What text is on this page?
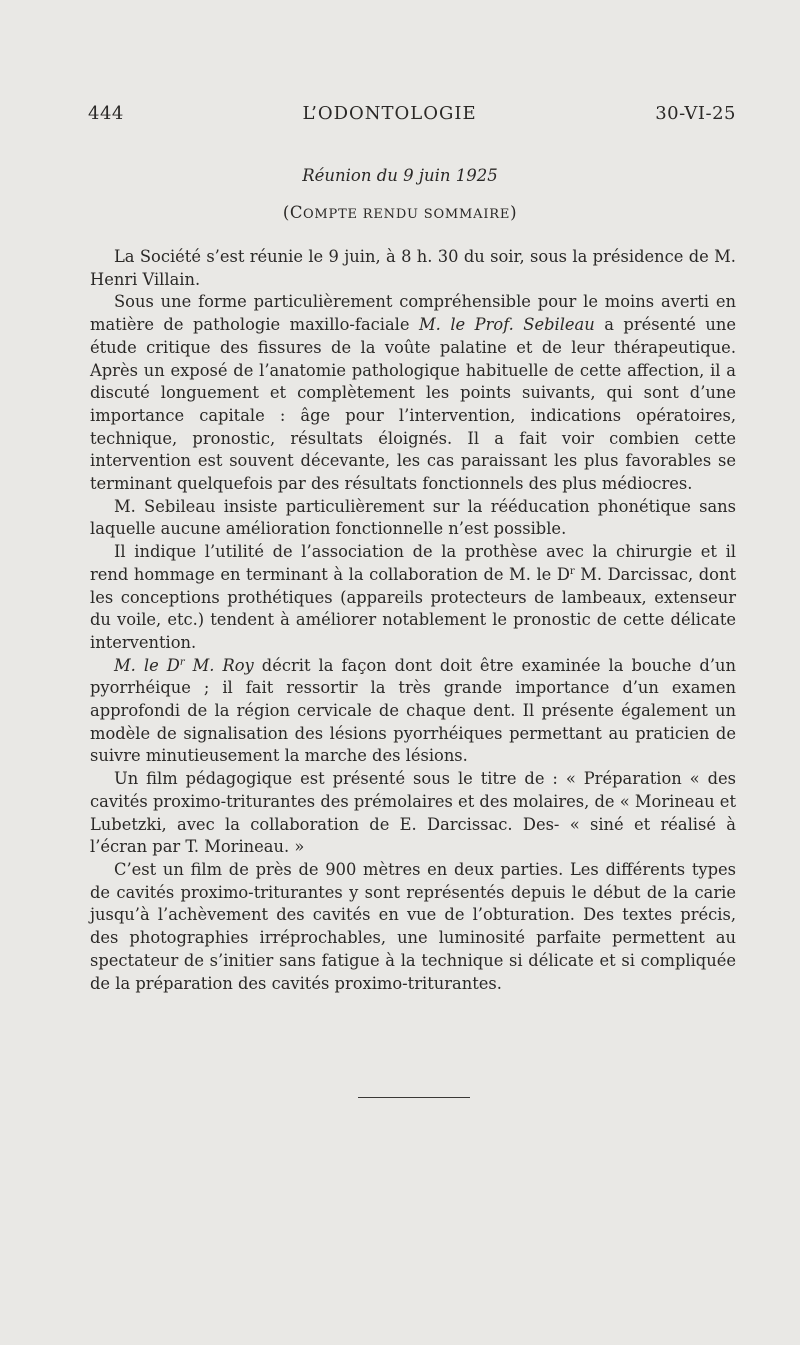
444	L’ODONTOLOGIE	30-VI-25
Réunion du 9 juin 1925
(COMPTE RENDU SOMMAIRE)

La Société s’est réunie le 9 juin, à 8 h. 30 du soir, sous la présidence de M. Henri Villain.

Sous une forme particulièrement compréhensible pour le moins averti en matière de pathologie maxillo-faciale M. le Prof. Sebileau a présenté une étude critique des fissures de la voûte palatine et de leur thérapeutique. Après un exposé de l’anatomie pathologique habituelle de cette affection, il a discuté longuement et complètement les points suivants, qui sont d’une importance capitale : âge pour l’intervention, indications opératoires, technique, pronostic, résultats éloignés. Il a fait voir combien cette intervention est souvent décevante, les cas paraissant les plus favorables se terminant quelquefois par des résultats fonctionnels des plus médiocres.

M. Sebileau insiste particulièrement sur la rééducation phonétique sans laquelle aucune amélioration fonctionnelle n’est possible.

Il indique l’utilité de l’association de la prothèse avec la chirurgie et il rend hommage en terminant à la collaboration de M. le $D^r$ M. Darcissac, dont les conceptions prothétiques (appareils protecteurs de lambeaux, extenseur du voile, etc.) tendent à améliorer notablement le pronostic de cette délicate intervention.

M. le $D^r$ M. Roy décrit la façon dont doit être examinée la bouche d’un pyorrhéique ; il fait ressortir la très grande importance d’un examen approfondi de la région cervicale de chaque dent. Il présente également un modèle de signalisation des lésions pyorrhéiques permettant au praticien de suivre minutieusement la marche des lésions.

Un film pédagogique est présenté sous le titre de : « Préparation « des cavités proximo-triturantes des prémolaires et des molaires, de « Morineau et Lubetzki, avec la collaboration de E. Darcissac. Des- « siné et réalisé à l’écran par T. Morineau. »

C’est un film de près de 900 mètres en deux parties. Les différents types de cavités proximo-triturantes y sont représentés depuis le début de la carie jusqu’à l’achèvement des cavités en vue de l’obturation. Des textes précis, des photographies irréprochables, une luminosité parfaite permettent au spectateur de s’initier sans fatigue à la technique si délicate et si compliquée de la préparation des cavités proximo-triturantes.
